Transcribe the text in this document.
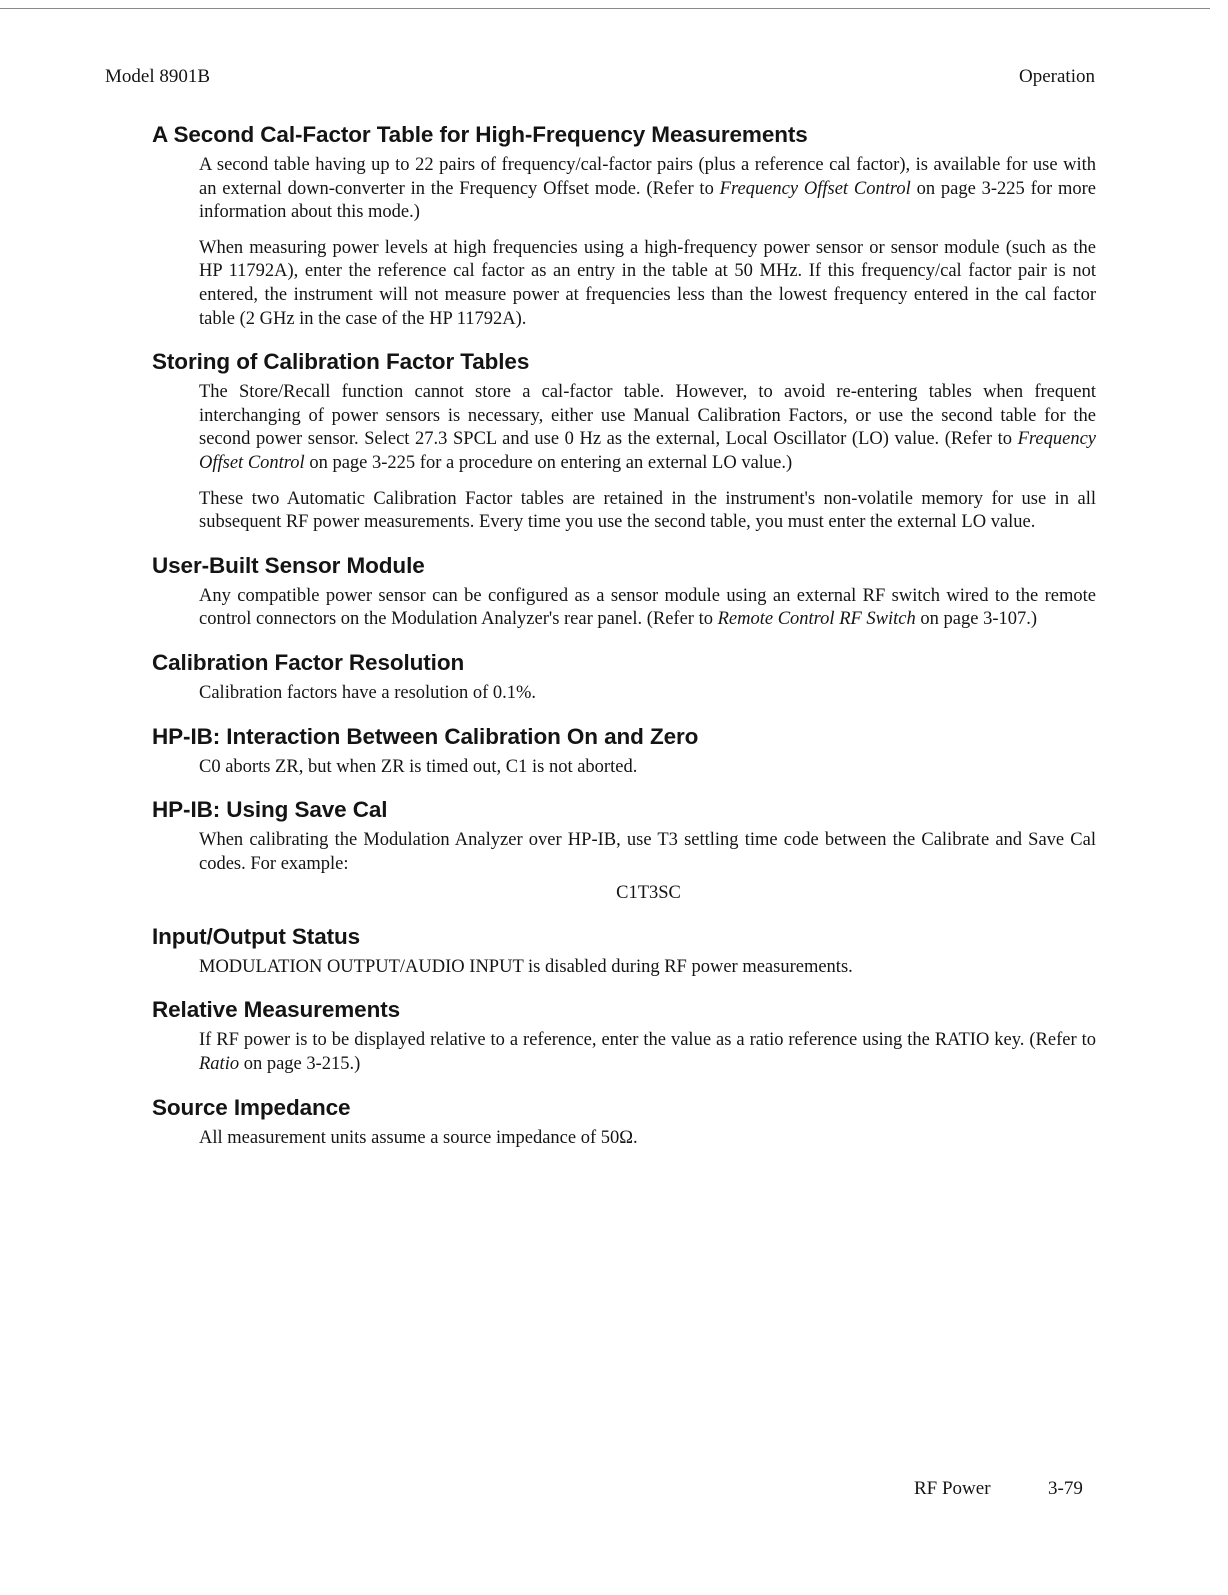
Model 8901B	Operation
A Second Cal-Factor Table for High-Frequency Measurements

A second table having up to 22 pairs of frequency/cal-factor pairs (plus a reference cal factor), is available for use with an external down-converter in the Frequency Offset mode. (Refer to Frequency Offset Control on page 3-225 for more information about this mode.)

When measuring power levels at high frequencies using a high-frequency power sensor or sensor module (such as the HP 11792A), enter the reference cal factor as an entry in the table at 50 MHz. If this frequency/cal factor pair is not entered, the instrument will not measure power at frequencies less than the lowest frequency entered in the cal factor table (2 GHz in the case of the HP 11792A).

Storing of Calibration Factor Tables

The Store/Recall function cannot store a cal-factor table. However, to avoid re-entering tables when frequent interchanging of power sensors is necessary, either use Manual Calibration Factors, or use the second table for the second power sensor. Select 27.3 SPCL and use 0 Hz as the external, Local Oscillator (LO) value. (Refer to Frequency Offset Control on page 3-225 for a procedure on entering an external LO value.)

These two Automatic Calibration Factor tables are retained in the instrument's non-volatile memory for use in all subsequent RF power measurements. Every time you use the second table, you must enter the external LO value.

User-Built Sensor Module

Any compatible power sensor can be configured as a sensor module using an external RF switch wired to the remote control connectors on the Modulation Analyzer's rear panel. (Refer to Remote Control RF Switch on page 3-107.)

Calibration Factor Resolution

Calibration factors have a resolution of 0.1%.

HP-IB: Interaction Between Calibration On and Zero

C0 aborts ZR, but when ZR is timed out, C1 is not aborted.

HP-IB: Using Save Cal

When calibrating the Modulation Analyzer over HP-IB, use T3 settling time code between the Calibrate and Save Cal codes. For example:

C1T3SC
Input/Output Status

MODULATION OUTPUT/AUDIO INPUT is disabled during RF power measurements.

Relative Measurements

If RF power is to be displayed relative to a reference, enter the value as a ratio reference using the RATIO key. (Refer to Ratio on page 3-215.)

Source Impedance

All measurement units assume a source impedance of 50Ω.

RF Power	3-79
